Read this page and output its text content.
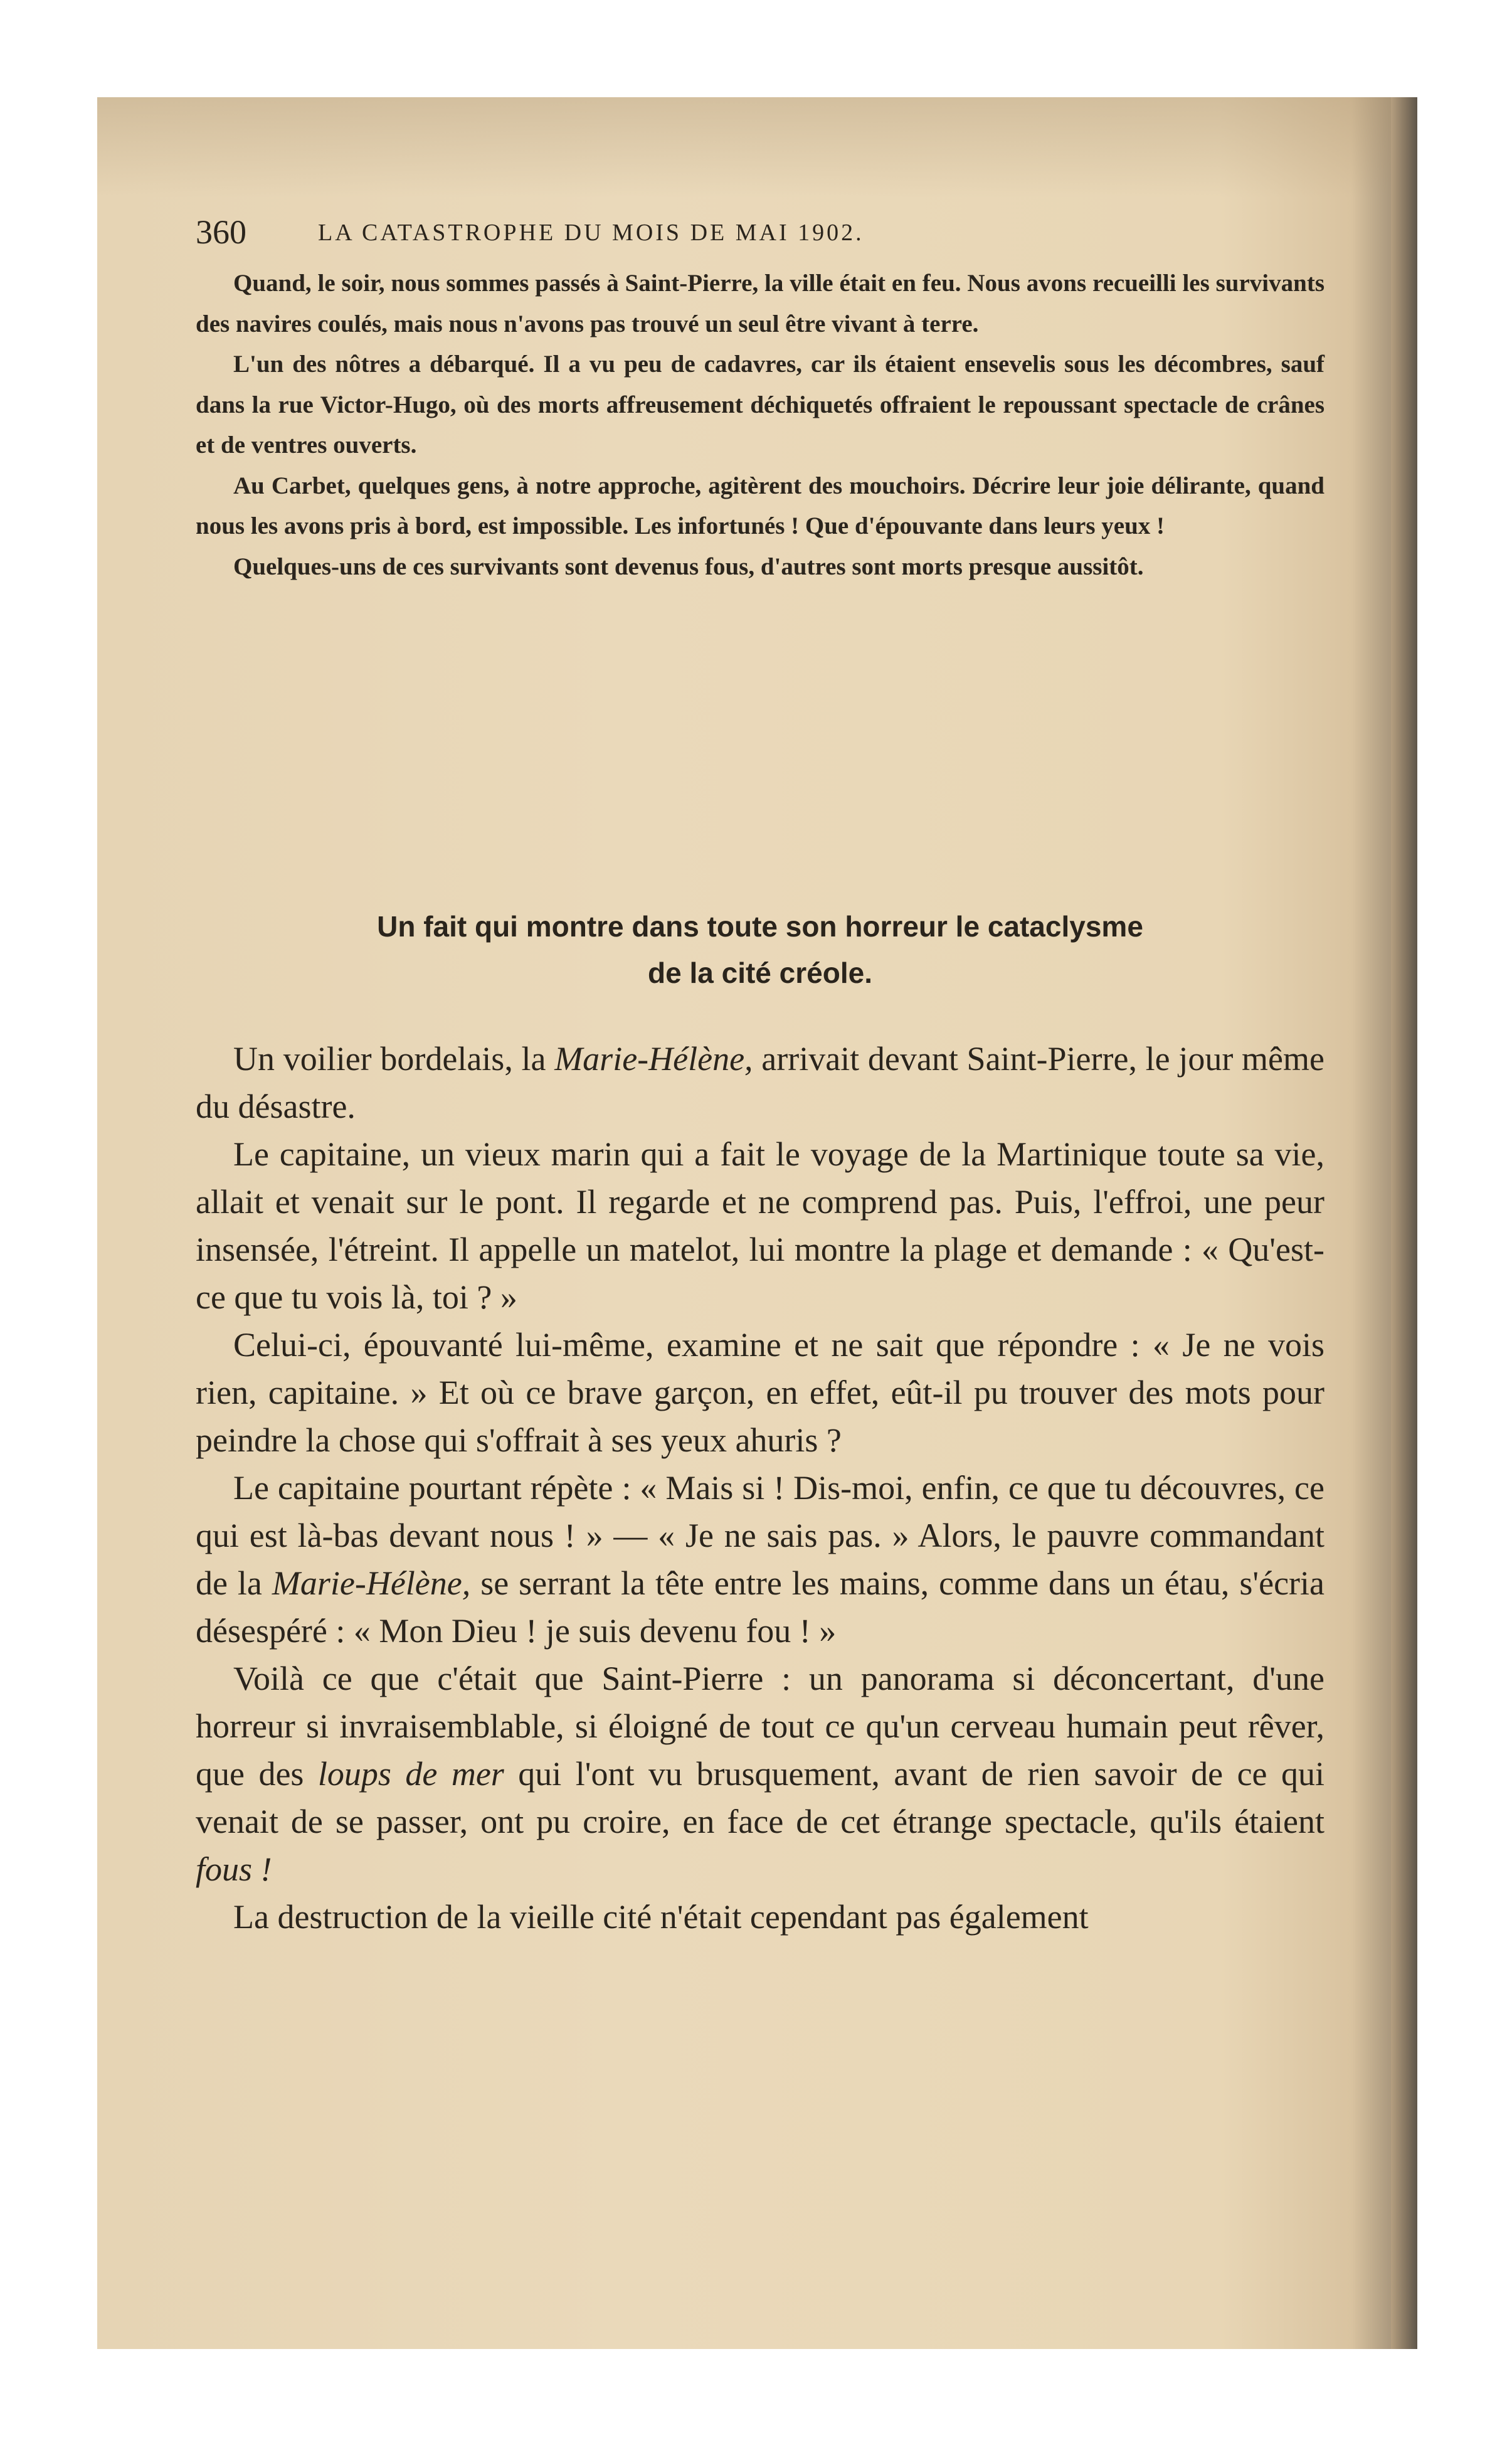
360	LA CATASTROPHE DU MOIS DE MAI 1902.

Quand, le soir, nous sommes passés à Saint-Pierre, la ville était en feu. Nous avons recueilli les survivants des navires coulés, mais nous n'avons pas trouvé un seul être vivant à terre.

L'un des nôtres a débarqué. Il a vu peu de cadavres, car ils étaient ensevelis sous les décombres, sauf dans la rue Victor-Hugo, où des morts affreusement déchiquetés offraient le repoussant spectacle de crânes et de ventres ouverts.

Au Carbet, quelques gens, à notre approche, agitèrent des mouchoirs. Décrire leur joie délirante, quand nous les avons pris à bord, est impossible. Les infortunés ! Que d'épouvante dans leurs yeux !

Quelques-uns de ces survivants sont devenus fous, d'autres sont morts presque aussitôt.

Un fait qui montre dans toute son horreur le cataclysme
de la cité créole.

Un voilier bordelais, la Marie-Hélène, arrivait devant Saint-Pierre, le jour même du désastre.

Le capitaine, un vieux marin qui a fait le voyage de la Martinique toute sa vie, allait et venait sur le pont. Il regarde et ne comprend pas. Puis, l'effroi, une peur insensée, l'étreint. Il appelle un matelot, lui montre la plage et demande : « Qu'est-ce que tu vois là, toi ? »

Celui-ci, épouvanté lui-même, examine et ne sait que répondre : « Je ne vois rien, capitaine. » Et où ce brave garçon, en effet, eût-il pu trouver des mots pour peindre la chose qui s'offrait à ses yeux ahuris ?

Le capitaine pourtant répète : « Mais si ! Dis-moi, enfin, ce que tu découvres, ce qui est là-bas devant nous ! » — « Je ne sais pas. » Alors, le pauvre commandant de la Marie-Hélène, se serrant la tête entre les mains, comme dans un étau, s'écria désespéré : « Mon Dieu ! je suis devenu fou ! »

Voilà ce que c'était que Saint-Pierre : un panorama si déconcertant, d'une horreur si invraisemblable, si éloigné de tout ce qu'un cerveau humain peut rêver, que des loups de mer qui l'ont vu brusquement, avant de rien savoir de ce qui venait de se passer, ont pu croire, en face de cet étrange spectacle, qu'ils étaient fous !

La destruction de la vieille cité n'était cependant pas également
